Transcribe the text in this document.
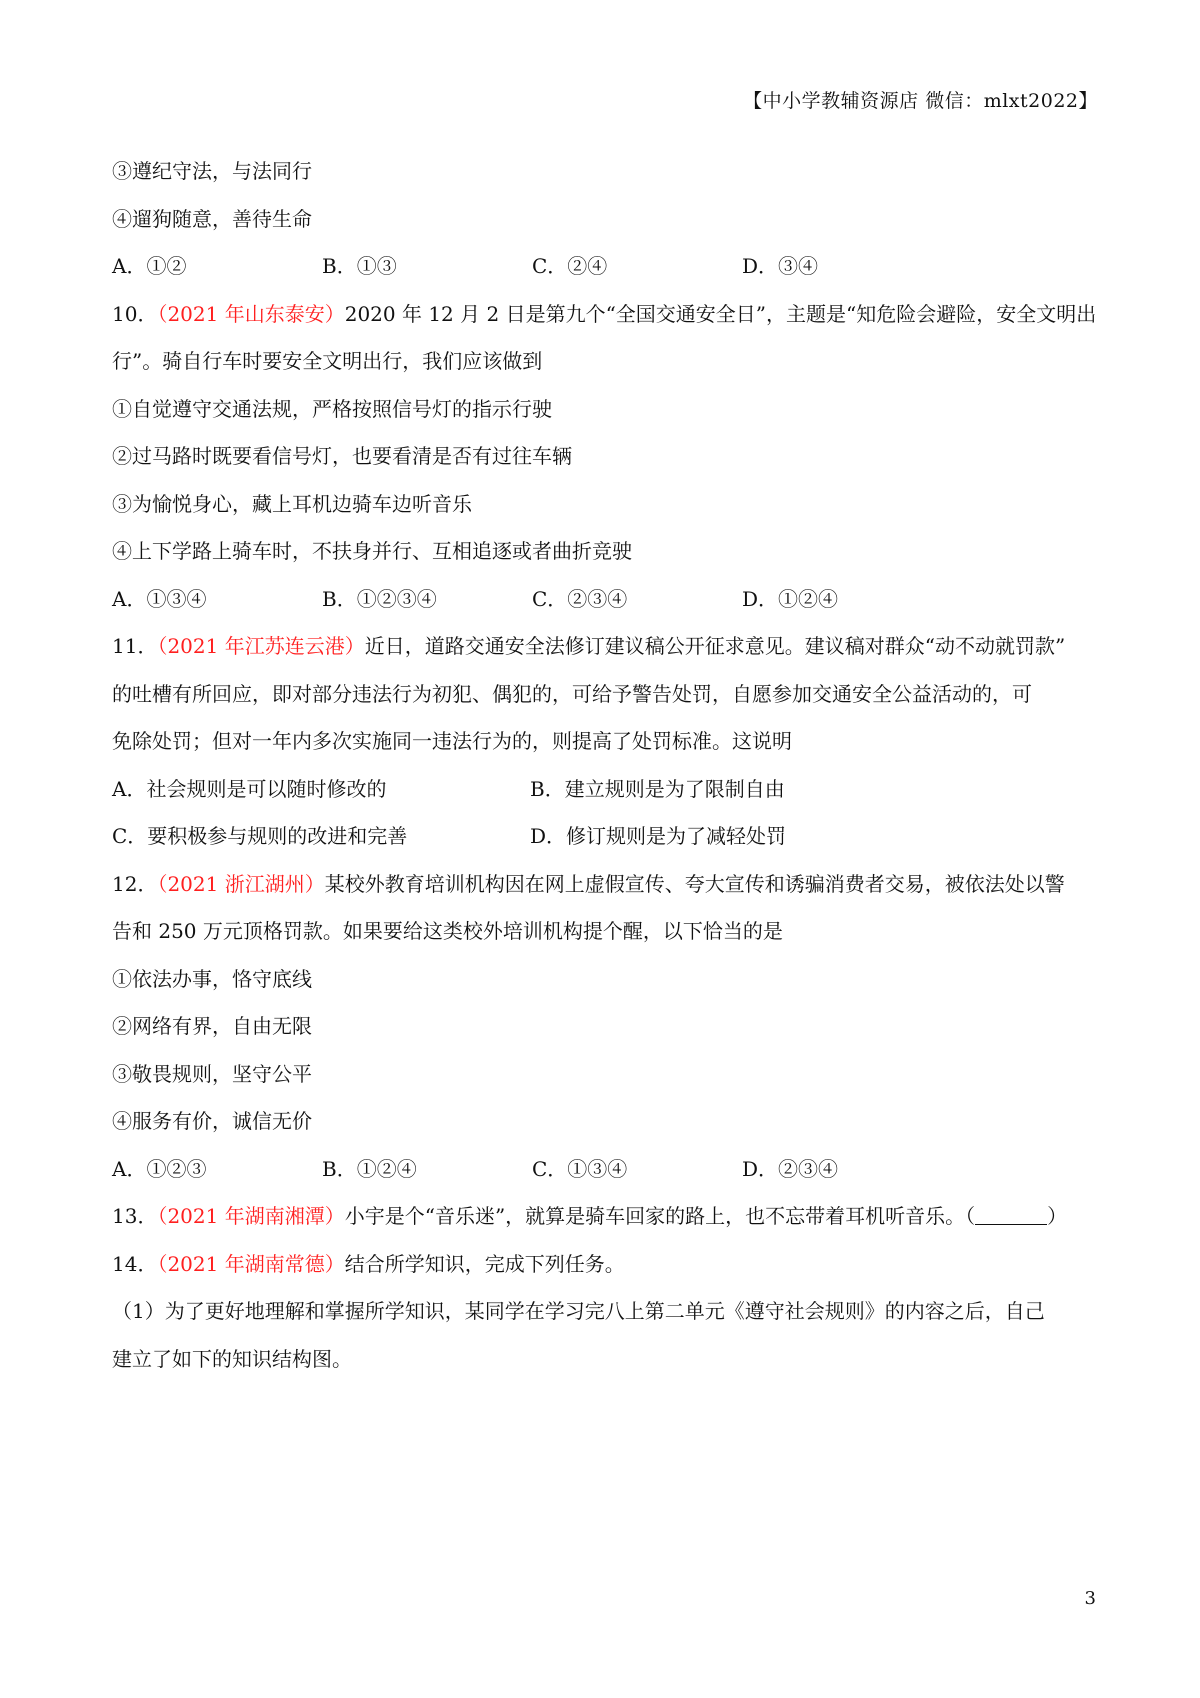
【中小学教辅资源店 微信：mlxt2022】
③遵纪守法，与法同行
④遛狗随意，善待生命
A．①②	B．①③	C．②④	D．③④
10．（2021 年山东泰安）2020 年 12 月 2 日是第九个“全国交通安全日”，主题是“知危险会避险，安全文明出
行”。骑自行车时要安全文明出行，我们应该做到
①自觉遵守交通法规，严格按照信号灯的指示行驶
②过马路时既要看信号灯，也要看清是否有过往车辆
③为愉悦身心，藏上耳机边骑车边听音乐
④上下学路上骑车时，不扶身并行、互相追逐或者曲折竞驶
A．①③④	B．①②③④	C．②③④	D．①②④
11．（2021 年江苏连云港）近日，道路交通安全法修订建议稿公开征求意见。建议稿对群众“动不动就罚款”
的吐槽有所回应，即对部分违法行为初犯、偶犯的，可给予警告处罚，自愿参加交通安全公益活动的，可
免除处罚；但对一年内多次实施同一违法行为的，则提高了处罚标准。这说明
A．社会规则是可以随时修改的	B．建立规则是为了限制自由
C．要积极参与规则的改进和完善	D．修订规则是为了减轻处罚
12．（2021 浙江湖州）某校外教育培训机构因在网上虚假宣传、夸大宣传和诱骗消费者交易，被依法处以警
告和 250 万元顶格罚款。如果要给这类校外培训机构提个醒，以下恰当的是
①依法办事，恪守底线
②网络有界，自由无限
③敬畏规则，坚守公平
④服务有价，诚信无价
A．①②③	B．①②④	C．①③④	D．②③④
13．（2021 年湖南湘潭）小宇是个“音乐迷”，就算是骑车回家的路上，也不忘带着耳机听音乐。（	）
14．（2021 年湖南常德）结合所学知识，完成下列任务。
（1）为了更好地理解和掌握所学知识，某同学在学习完八上第二单元《遵守社会规则》的内容之后，自己
建立了如下的知识结构图。
3
